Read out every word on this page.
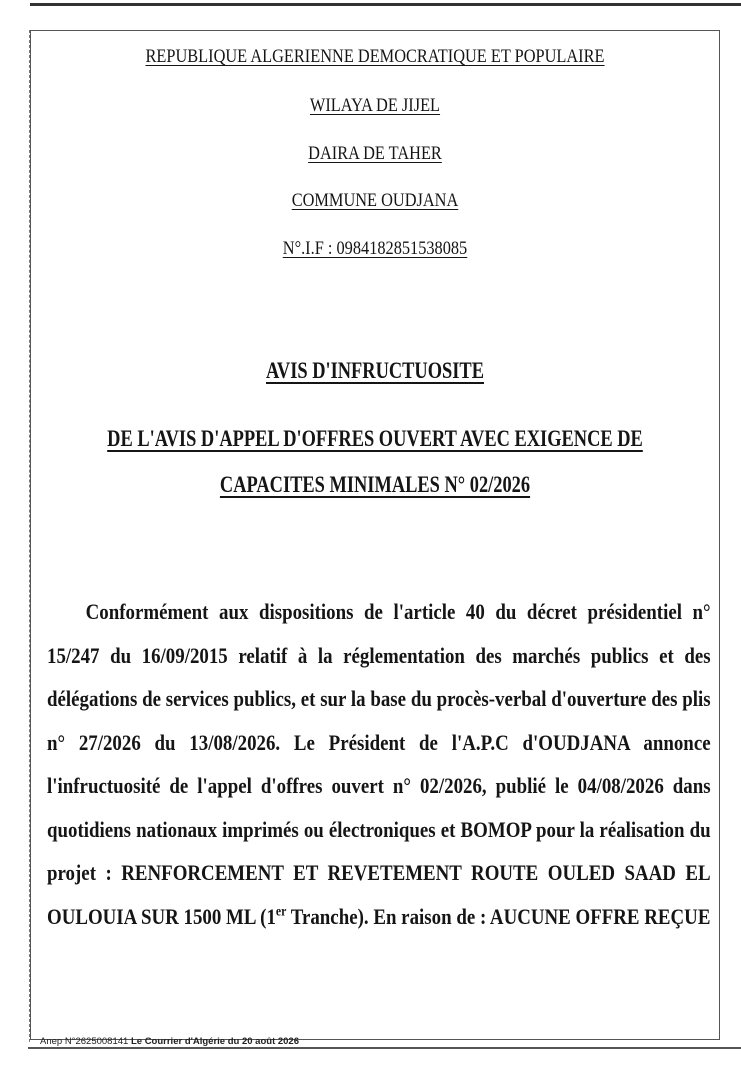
REPUBLIQUE ALGERIENNE DEMOCRATIQUE ET POPULAIRE
WILAYA DE JIJEL
DAIRA DE TAHER
COMMUNE OUDJANA
N°.I.F : 0984182851538085
AVIS D'INFRUCTUOSITE
DE L'AVIS D'APPEL D'OFFRES OUVERT AVEC EXIGENCE DE
CAPACITES MINIMALES N° 02/2026
Conformément aux dispositions de l'article 40 du décret présidentiel n° 15/247 du 16/09/2015 relatif à la réglementation des marchés publics et des délégations de services publics, et sur la base du procès-verbal d'ouverture des plis n° 27/2026 du 13/08/2026. Le Président de l'A.P.C d'OUDJANA annonce l'infructuosité de l'appel d'offres ouvert n° 02/2026, publié le 04/08/2026 dans quotidiens nationaux imprimés ou électroniques et BOMOP pour la réalisation du projet : RENFORCEMENT ET REVETEMENT ROUTE OULED SAAD EL OULOUIA SUR 1500 ML (1er Tranche). En raison de : AUCUNE OFFRE REÇUE
Anep N°2625008141 Le Courrier d'Algérie du 20 août 2026
